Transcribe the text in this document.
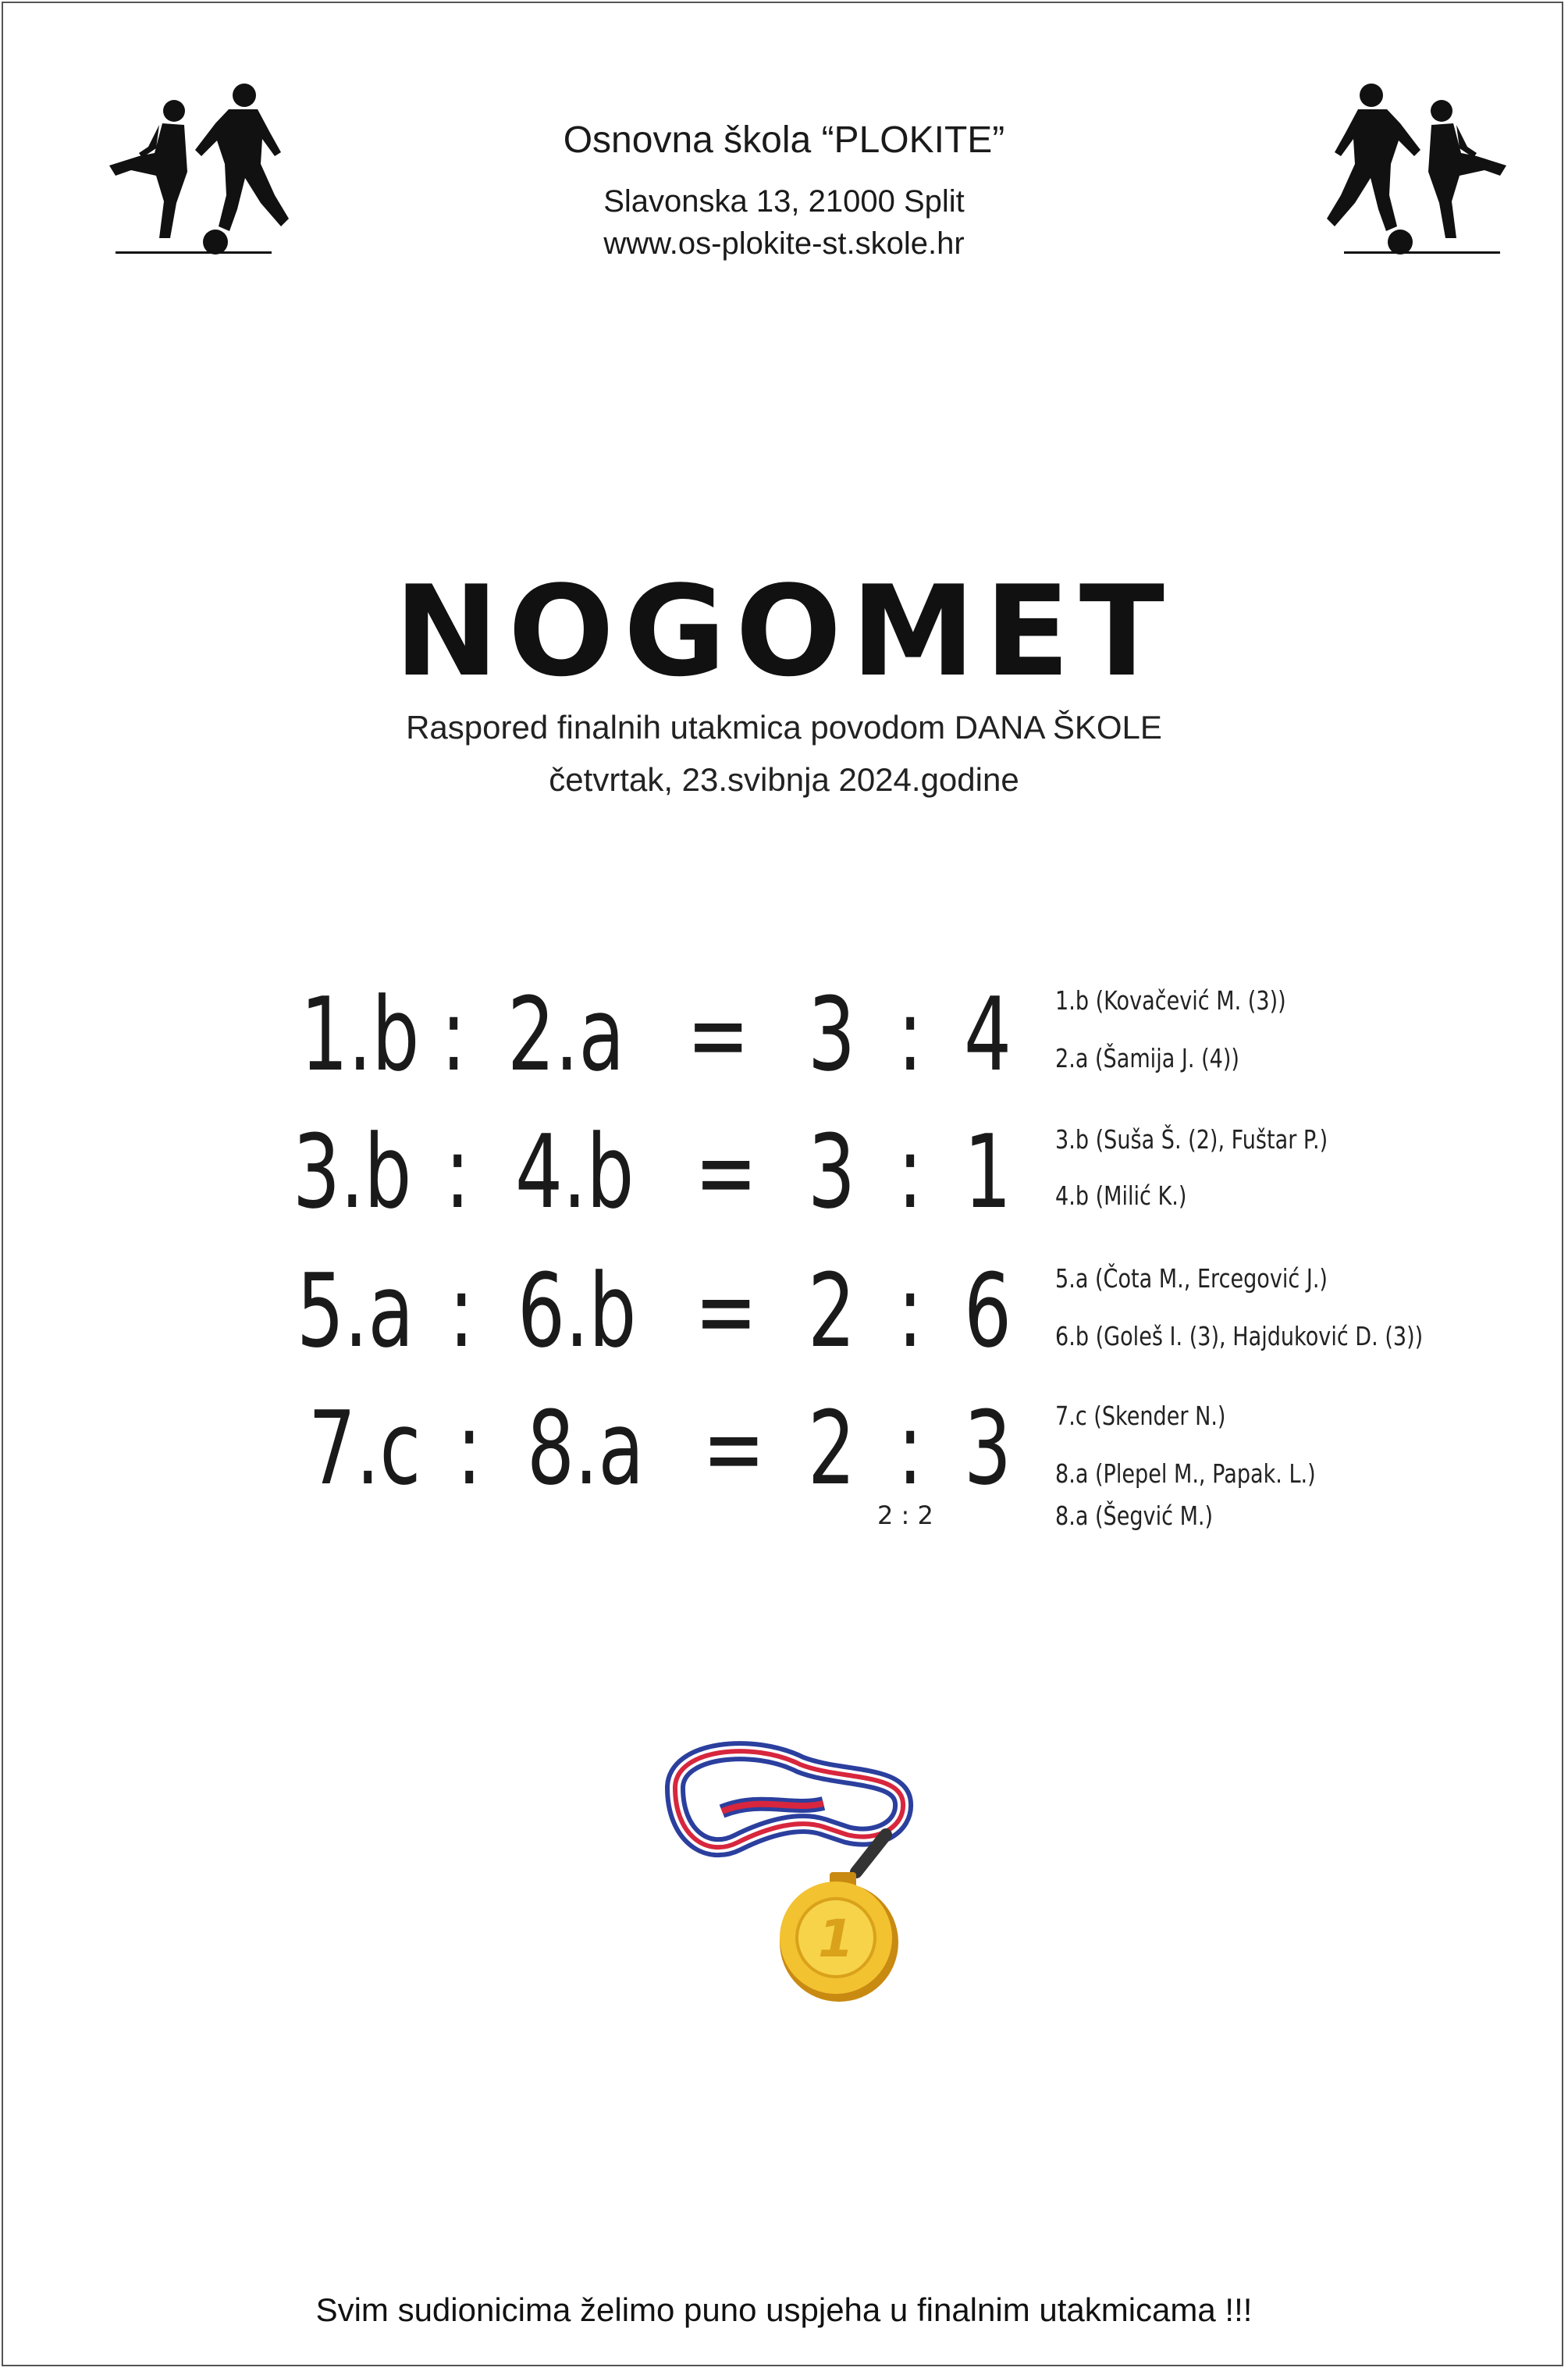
Osnovna škola “PLOKITE”
Slavonska 13, 21000 Split
www.os-plokite-st.skole.hr
NOGOMET
Raspored finalnih utakmica povodom DANA ŠKOLE
četvrtak, 23.svibnja 2024.godine
1.b : 2.a = 3 : 4 1.b (Kovačević M. (3))
2.a (Šamija J. (4))
3.b : 4.b = 3 : 1 3.b (Suša Š. (2), Fuštar P.)
4.b (Milić K.)
5.a : 6.b = 2 : 6 5.a (Čota M., Ercegović J.)
6.b (Goleš I. (3), Hajduković D. (3))
7.c : 8.a = 2 : 3 7.c (Skender N.)
8.a (Plepel M., Papak. L.)
2 : 2	8.a (Šegvić M.)
1
Svim sudionicima želimo puno uspjeha u finalnim utakmicama !!!
